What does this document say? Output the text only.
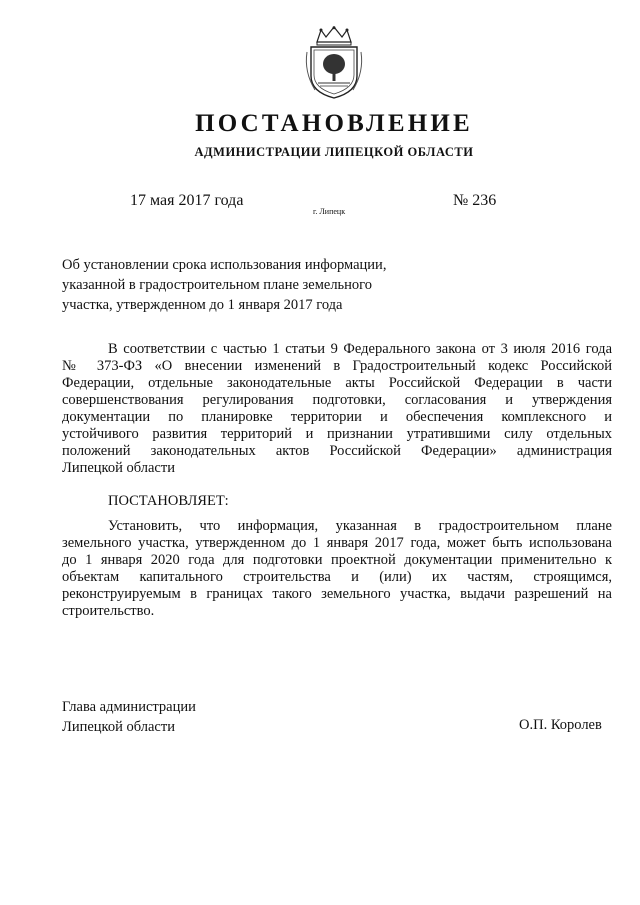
ПОСТАНОВЛЕНИЕ
АДМИНИСТРАЦИИ ЛИПЕЦКОЙ ОБЛАСТИ
17 мая 2017 года
г. Липецк
№ 236
Об установлении срока использования информации,
указанной в градостроительном плане земельного
участка, утвержденном до 1 января 2017 года
В соответствии с частью 1 статьи 9 Федерального закона от 3 июля 2016 года
№ 373-ФЗ «О внесении изменений в Градостроительный кодекс Российской
Федерации, отдельные законодательные акты Российской Федерации в части
совершенствования регулирования подготовки, согласования и утверждения
документации по планировке территории и обеспечения комплексного и
устойчивого развития территорий и признании утратившими силу отдельных
положений законодательных актов Российской Федерации» администрация
Липецкой области
ПОСТАНОВЛЯЕТ:
Установить, что информация, указанная в градостроительном плане
земельного участка, утвержденном до 1 января 2017 года, может быть использована
до 1 января 2020 года для подготовки проектной документации применительно к
объектам капитального строительства и (или) их частям, строящимся,
реконструируемым в границах такого земельного участка, выдачи разрешений на
строительство.
Глава администрации
Липецкой области	О.П. Королев
